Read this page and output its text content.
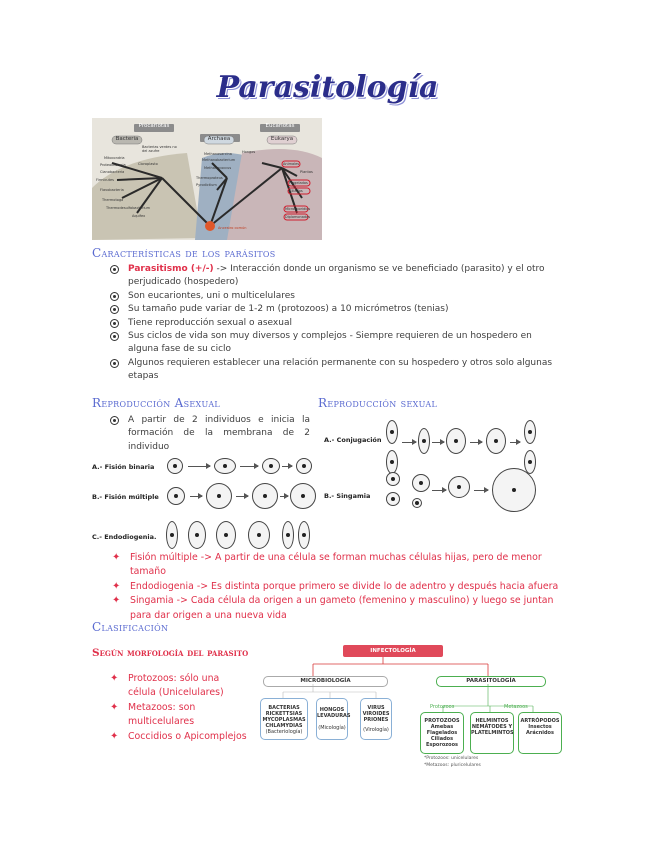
Parasitología
Procariotas	Eucariotas
Bacteria	Archaea	Eukarya
Bacterias verdes no del azufre
Mitocondria
Proteobacteria
Cianobacteria
Cloroplasto
Firmicutes
Flavobacteria
Thermotoga
Thermodesulfobacterium
Aquifex
Methanosarcina
Methanobacterium
Methanococcus
Thermoproteus
Pyrodictium
Hongos
Animales
Plantas
Flagelados
Ciliados
Microsporidios
Diplomonadas
Ancestro común
Características de los parásitos
Parasitismo (+/-) -> Interacción donde un organismo se ve beneficiado (parasito) y el otro perjudicado (hospedero)
Son eucariontes, uni o multicelulares
Su tamaño pude variar de 1-2 m (protozoos) a 10 micrómetros (tenias)
Tiene reproducción sexual o asexual
Sus ciclos de vida son muy diversos y complejos - Siempre requieren de un hospedero en alguna fase de su ciclo
Algunos requieren establecer una relación permanente con su hospedero y otros solo algunas etapas
Reproducción Asexual
A partir de 2 individuos e inicia la formación de la membrana de 2 individuo
A.- Fisión binaria
B.- Fisión múltiple
C.- Endodiogenia.
Reproducción sexual
A.- Conjugación
B.- Singamia
✦ Fisión múltiple -> A partir de una célula se forman muchas células hijas, pero de menor tamaño
✦ Endodiogenia -> Es distinta porque primero se divide lo de adentro y después hacia afuera
✦ Singamia -> Cada célula da origen a un gameto (femenino y masculino) y luego se juntan para dar origen a una nueva vida
Clasificación
Según morfología del parasito
✦ Protozoos: sólo una célula (Unicelulares)
✦ Metazoos: son multicelulares
✦ Coccidios o Apicomplejos
INFECTOLOGÍA
MICROBIOLOGÍA	PARASITOLOGÍA
BACTERIAS RICKETTSIAS MYCOPLASMAS CHLAMYDIAS
(Bacteriología)
HONGOS LEVADURAS
(Micología)
VIRUS VIROIDES PRIONES
(Virología)
Protozoos	Metazoos
PROTOZOOS Amebas Flagelados Ciliados Esporozoos
HELMINTOS NEMÁTODES Y PLATELMINTOS
ARTRÓPODOS Insectos Arácnidos
*Protozoos: unicelulares
*Metazoos: pluricelulares
